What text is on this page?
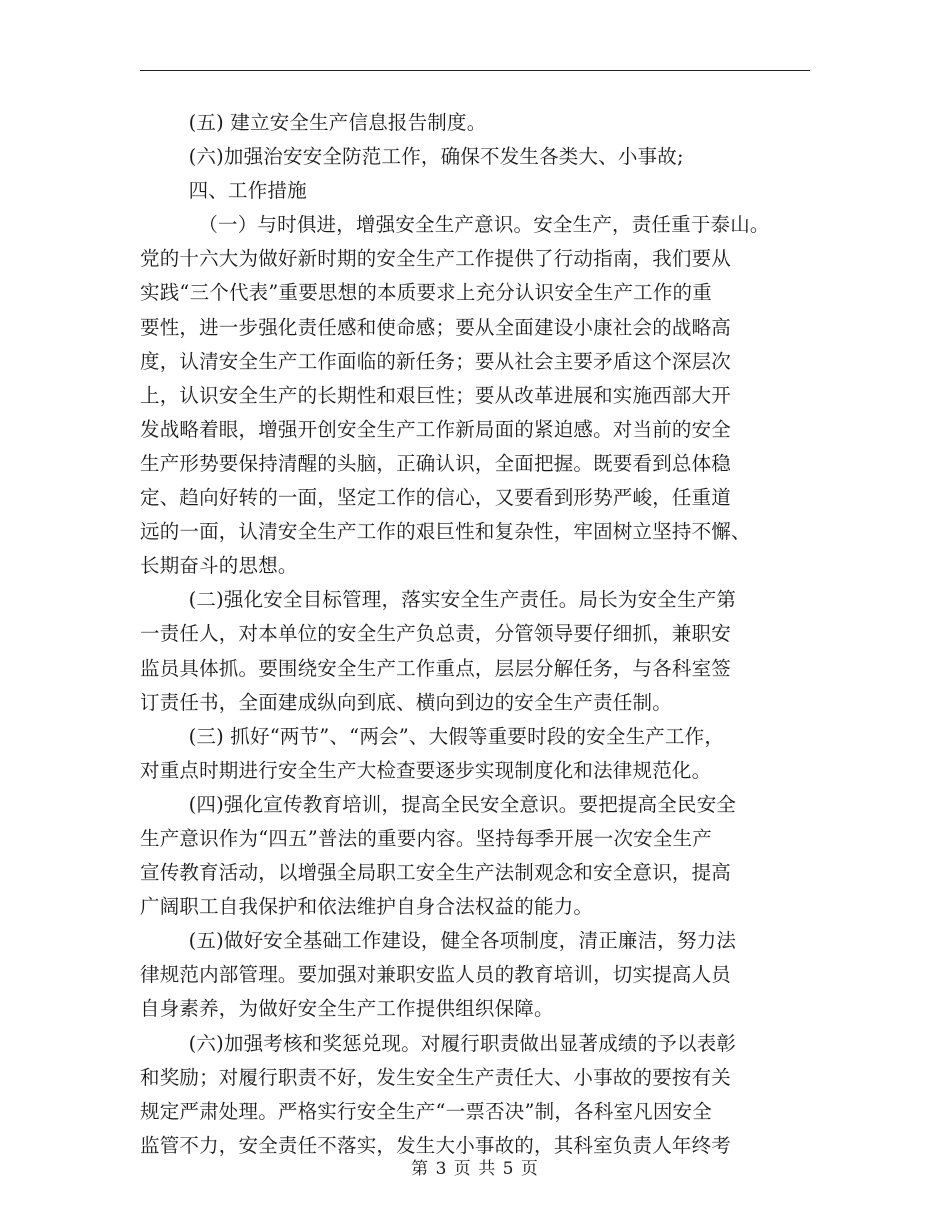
(五) 建立安全生产信息报告制度。
(六)加强治安安全防范工作，确保不发生各类大、小事故;
四、工作措施
（一）与时俱进，增强安全生产意识。安全生产，责任重于泰山。
党的十六大为做好新时期的安全生产工作提供了行动指南，我们要从
实践“三个代表”重要思想的本质要求上充分认识安全生产工作的重
要性，进一步强化责任感和使命感；要从全面建设小康社会的战略高
度，认清安全生产工作面临的新任务；要从社会主要矛盾这个深层次
上，认识安全生产的长期性和艰巨性；要从改革进展和实施西部大开
发战略着眼，增强开创安全生产工作新局面的紧迫感。对当前的安全
生产形势要保持清醒的头脑，正确认识，全面把握。既要看到总体稳
定、趋向好转的一面，坚定工作的信心，又要看到形势严峻，任重道
远的一面，认清安全生产工作的艰巨性和复杂性，牢固树立坚持不懈、
长期奋斗的思想。
(二)强化安全目标管理，落实安全生产责任。局长为安全生产第
一责任人，对本单位的安全生产负总责，分管领导要仔细抓，兼职安
监员具体抓。要围绕安全生产工作重点，层层分解任务，与各科室签
订责任书，全面建成纵向到底、横向到边的安全生产责任制。
(三) 抓好“两节”、“两会”、大假等重要时段的安全生产工作，
对重点时期进行安全生产大检查要逐步实现制度化和法律规范化。
(四)强化宣传教育培训，提高全民安全意识。要把提高全民安全
生产意识作为“四五”普法的重要内容。坚持每季开展一次安全生产
宣传教育活动，以增强全局职工安全生产法制观念和安全意识，提高
广阔职工自我保护和依法维护自身合法权益的能力。
(五)做好安全基础工作建设，健全各项制度，清正廉洁，努力法
律规范内部管理。要加强对兼职安监人员的教育培训，切实提高人员
自身素养，为做好安全生产工作提供组织保障。
(六)加强考核和奖惩兑现。对履行职责做出显著成绩的予以表彰
和奖励；对履行职责不好，发生安全生产责任大、小事故的要按有关
规定严肃处理。严格实行安全生产“一票否决”制，各科室凡因安全
监管不力，安全责任不落实，发生大小事故的，其科室负责人年终考
第 3 页 共 5 页
